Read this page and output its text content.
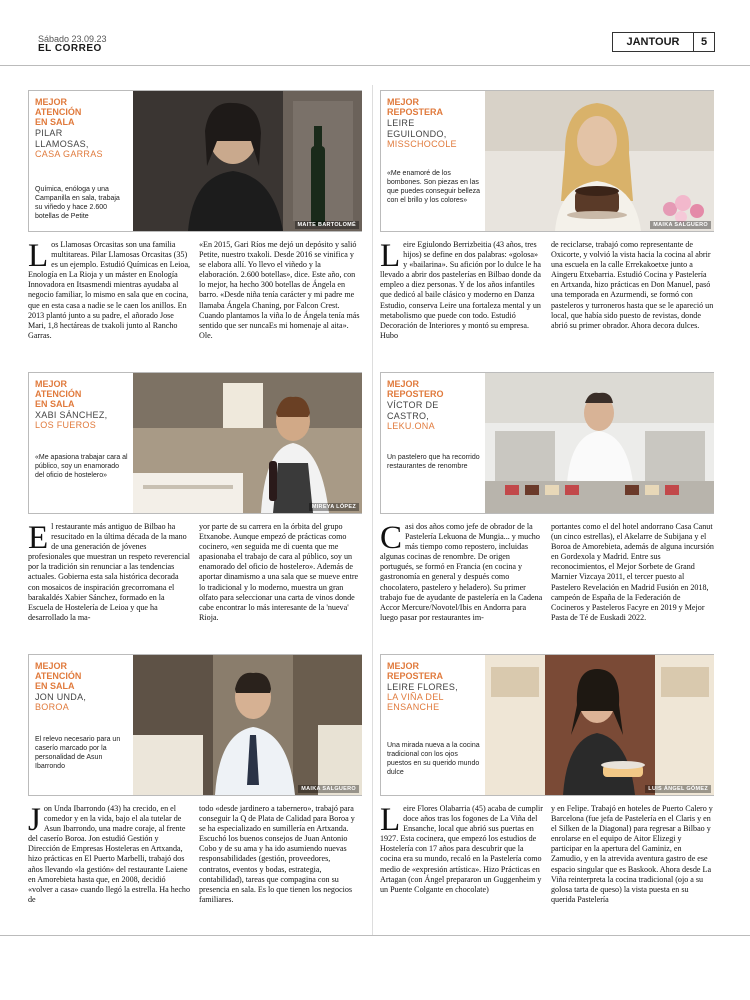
Sábado 23.09.23
EL CORREO
JANTOUR	5
MEJOR
ATENCIÓN
EN SALA
PILAR
LLAMOSAS,
CASA GARRAS
Química, enóloga y una Campanilla en sala, trabaja su viñedo y hace 2.600 botellas de Petite
MAITE BARTOLOMÉ

Los Llamosas Orcasitas son una familia multitareas. Pilar Llamosas Orcasitas (35) es un ejemplo. Estudió Químicas en Leioa, Enología en La Rioja y un máster en Enología Innovadora en Itsasmendi mientras ayudaba al negocio familiar, lo mismo en sala que en cocina, que en esta casa a nadie se le caen los anillos. En 2013 plantó junto a su padre, el añorado Jose Mari, 1,8 hectáreas de txakoli junto al Rancho Garras.

«En 2015, Gari Ríos me dejó un depósito y salió Petite, nuestro txakoli. Desde 2016 se vinifica y se elabora allí. Yo llevo el viñedo y la elaboración. 2.600 botellas», dice. Este año, con lo mejor, ha hecho 300 botellas de Ángela en barro. «Desde niña tenía carácter y mi padre me llamaba Ángela Chaning, por Falcon Crest. Cuando plantamos la viña lo de Ángela tenía más sentido que ser nuncaEs mi homenaje al aita». Ole.

MEJOR
REPOSTERA
LEIRE
EGUILONDO,
MISSCHOCOLE
«Me enamoré de los bombones. Son piezas en las que puedes conseguir belleza con el brillo y los colores»
MAIKA SALGUERO

Leire Egiulondo Berrizbeitia (43 años, tres hijos) se define en dos palabras: «golosa» y «bailarina». Su afición por lo dulce le ha llevado a abrir dos pastelerías en Bilbao donde da empleo a diez personas. Y de los años infantiles que dedicó al baile clásico y moderno en Danza Estudio, conserva Leire una fortaleza mental y un metabolismo que puede con todo. Estudió Decoración de Interiores y montó su empresa. Hubo

de reciclarse, trabajó como representante de Oxicorte, y volvió la vista hacia la cocina al abrir una escuela en la calle Errekakoetxe junto a Aingeru Etxebarria. Estudió Cocina y Pastelería en Artxanda, hizo prácticas en Don Manuel, pasó una temporada en Azurmendi, se formó con pasteleros y turroneros hasta que se le apareció un local, que había sido puesto de revistas, donde abrió su primer obrador. Ahora decora dulces.

MEJOR
ATENCIÓN
EN SALA
XABI SÁNCHEZ,
LOS FUEROS
«Me apasiona trabajar cara al público, soy un enamorado del oficio de hostelero»
MIREYA LÓPEZ

El restaurante más antiguo de Bilbao ha resucitado en la última década de la mano de una generación de jóvenes profesionales que muestran un respeto reverencial por la tradición sin renunciar a las tendencias actuales. Gobierna esta sala histórica decorada con mosaicos de inspiración grecorromana el barakaldés Xabier Sánchez, formado en la Escuela de Hostelería de Leioa y que ha desarrollado la ma-

yor parte de su carrera en la órbita del grupo Etxanobe. Aunque empezó de prácticas como cocinero, «en seguida me di cuenta que me apasionaba el trabajo de cara al público, soy un enamorado del oficio de hostelero». Además de aportar dinamismo a una sala que se mueve entre lo tradicional y lo moderno, muestra un gran olfato para seleccionar una carta de vinos donde cabe encontrar lo más interesante de la 'nueva' Rioja.

MEJOR
REPOSTERO
VÍCTOR DE
CASTRO,
LEKU.ONA
Un pastelero que ha recorrido restaurantes de renombre

Casi dos años como jefe de obrador de la Pastelería Lekuona de Mungia... y mucho más tiempo como repostero, incluidas algunas cocinas de renombre. De origen portugués, se formó en Francia (en cocina y gastronomía en general y después como chocolatero, pastelero y heladero). Su primer trabajo fue de ayudante de pastelería en la Cadena Accor Mercure/Novotel/Ibis en Andorra para luego pasar por restaurantes im-

portantes como el del hotel andorrano Casa Canut (un cinco estrellas), el Akelarre de Subijana y el Boroa de Amorebieta, además de alguna incursión en Gordexola y Madrid. Entre sus reconocimientos, el Mejor Sorbete de Grand Marnier Vizcaya 2011, el tercer puesto al Pastelero Revelación en Madrid Fusión en 2018, campeón de España de la Federación de Cocineros y Pasteleros Facyre en 2019 y Mejor Pasta de Té de Euskadi 2022.

MEJOR
ATENCIÓN
EN SALA
JON UNDA,
BOROA
El relevo necesario para un caserío marcado por la personalidad de Asun Ibarrondo
MAIKA SALGUERO

Jon Unda Ibarrondo (43) ha crecido, en el comedor y en la vida, bajo el ala tutelar de Asun Ibarrondo, una madre coraje, al frente del caserío Boroa. Jon estudió Gestión y Dirección de Empresas Hosteleras en Artxanda, hizo prácticas en El Puerto Marbelli, trabajó dos años llevando «la gestión» del restaurante Laiene en Amorebieta hasta que, en 2008, decidió «volver a casa» cuando llegó la estrella. Ha hecho de

todo «desde jardinero a tabernero», trabajó para conseguir la Q de Plata de Calidad para Boroa y se ha especializado en sumillería en Artxanda. Escuchó los buenos consejos de Juan Antonio Cobo y de su ama y ha ido asumiendo nuevas responsabilidades (gestión, proveedores, contratos, eventos y bodas, estrategia, contabilidad), tareas que compagina con su presencia en sala. Es lo que tienen los negocios familiares.

MEJOR
REPOSTERA
LEIRE FLORES,
LA VIÑA DEL
ENSANCHE
Una mirada nueva a la cocina tradicional con los ojos puestos en su querido mundo dulce
LUIS ÁNGEL GÓMEZ

Leire Flores Olabarria (45) acaba de cumplir doce años tras los fogones de La Viña del Ensanche, local que abrió sus puertas en 1927. Esta cocinera, que empezó los estudios de Hostelería con 17 años para descubrir que la cocina era su mundo, recaló en la Pastelería como medio de «expresión artística». Hizo Prácticas en Artagan (con Ángel prepararon un Guggenheim y un Puente Colgante en chocolate)

y en Felipe. Trabajó en hoteles de Puerto Calero y Barcelona (fue jefa de Pastelería en el Claris y en el Silken de la Diagonal) para regresar a Bilbao y enrolarse en el equipo de Aitor Elizegi y participar en la apertura del Gaminiz, en Zamudio, y en la atrevida aventura gastro de ese espacio singular que es Baskook. Ahora desde La Viña reinterpreta la cocina tradicional (ojo a su golosa tarta de queso) la vista puesta en su querida Pastelería
